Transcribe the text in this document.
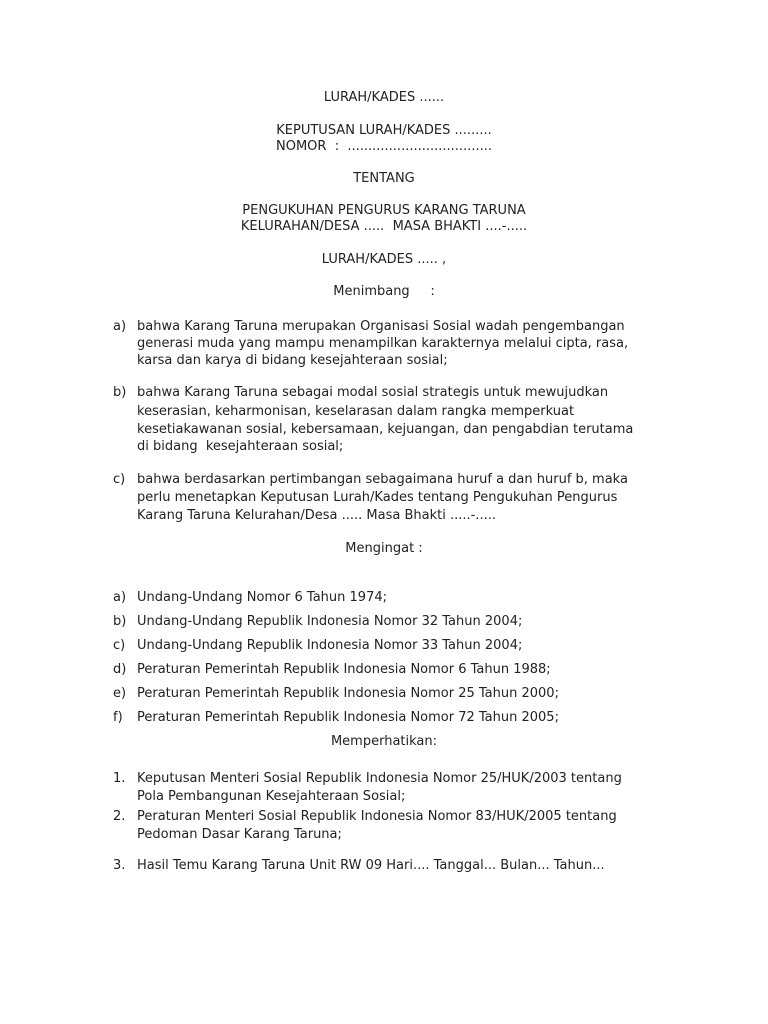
LURAH/KADES ......
KEPUTUSAN LURAH/KADES .........
NOMOR  :  ...................................
TENTANG
PENGUKUHAN PENGURUS KARANG TARUNA
KELURAHAN/DESA .....  MASA BHAKTI ....-.....
LURAH/KADES ..... ,
Menimbang     :
a) bahwa Karang Taruna merupakan Organisasi Sosial wadah pengembangan
generasi muda yang mampu menampilkan karakternya melalui cipta, rasa,
karsa dan karya di bidang kesejahteraan sosial;
b) bahwa Karang Taruna sebagai modal sosial strategis untuk mewujudkan
keserasian, keharmonisan, keselarasan dalam rangka memperkuat
kesetiakawanan sosial, kebersamaan, kejuangan, dan pengabdian terutama
di bidang  kesejahteraan sosial;
c) bahwa berdasarkan pertimbangan sebagaimana huruf a dan huruf b, maka
perlu menetapkan Keputusan Lurah/Kades tentang Pengukuhan Pengurus
Karang Taruna Kelurahan/Desa ..... Masa Bhakti .....-.....
Mengingat :
a) Undang-Undang Nomor 6 Tahun 1974;
b) Undang-Undang Republik Indonesia Nomor 32 Tahun 2004;
c) Undang-Undang Republik Indonesia Nomor 33 Tahun 2004;
d) Peraturan Pemerintah Republik Indonesia Nomor 6 Tahun 1988;
e) Peraturan Pemerintah Republik Indonesia Nomor 25 Tahun 2000;
f) Peraturan Pemerintah Republik Indonesia Nomor 72 Tahun 2005;
Memperhatikan:
1. Keputusan Menteri Sosial Republik Indonesia Nomor 25/HUK/2003 tentang
Pola Pembangunan Kesejahteraan Sosial;
2. Peraturan Menteri Sosial Republik Indonesia Nomor 83/HUK/2005 tentang
Pedoman Dasar Karang Taruna;
3. Hasil Temu Karang Taruna Unit RW 09 Hari.... Tanggal... Bulan... Tahun...
